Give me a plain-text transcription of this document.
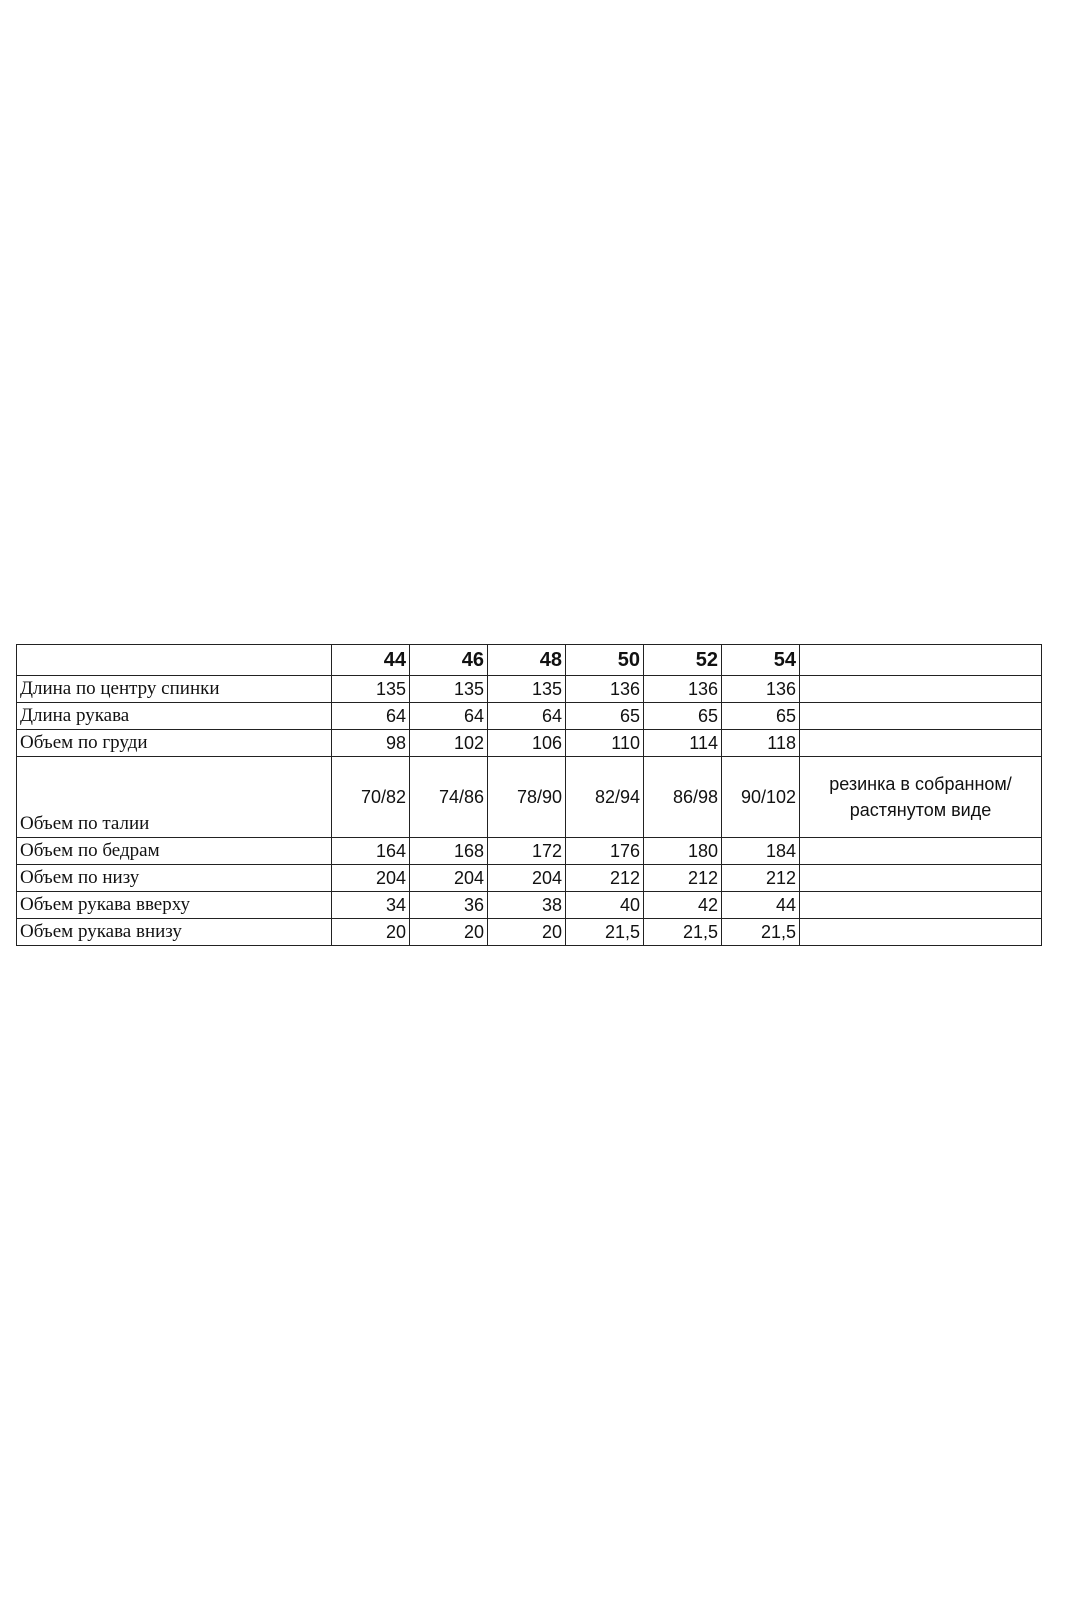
	44	46	48	50	52	54	
Длина по центру спинки	135	135	135	136	136	136	
Длина рукава	64	64	64	65	65	65	
Объем по груди	98	102	106	110	114	118	
Объем по талии	70/82	74/86	78/90	82/94	86/98	90/102	резинка в собранном/растянутом виде
Объем по бедрам	164	168	172	176	180	184	
Объем по низу	204	204	204	212	212	212	
Объем рукава вверху	34	36	38	40	42	44	
Объем рукава внизу	20	20	20	21,5	21,5	21,5	
